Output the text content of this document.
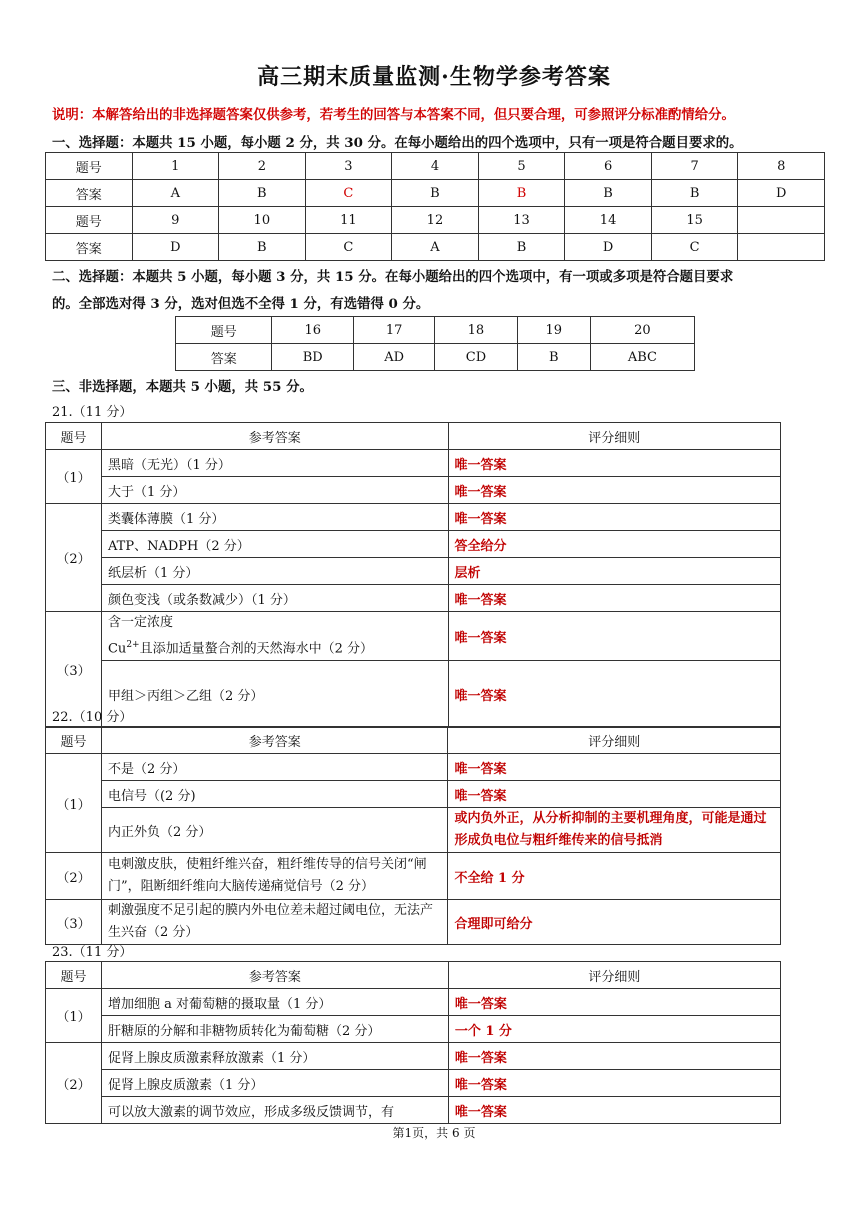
高三期末质量监测·生物学参考答案
说明：本解答给出的非选择题答案仅供参考，若考生的回答与本答案不同，但只要合理，可参照评分标准酌情给分。
一、选择题：本题共 15 小题，每小题 2 分，共 30 分。在每小题给出的四个选项中，只有一项是符合题目要求的。
题号	1	2	3	4	5	6	7	8
答案	A	B	C	B	B	B	B	D
题号	9	10	11	12	13	14	15	
答案	D	B	C	A	B	D	C	
二、选择题：本题共 5 小题，每小题 3 分，共 15 分。在每小题给出的四个选项中，有一项或多项是符合题目要求
的。全部选对得 3 分，选对但选不全得 1 分，有选错得 0 分。
题号	16	17	18	19	20
答案	BD	AD	CD	B	ABC
三、非选择题，本题共 5 小题，共 55 分。
21.（11 分）
题号	参考答案	评分细则
（1）	黑暗（无光）（1 分）	唯一答案
	大于（1 分）	唯一答案
（2）	类囊体薄膜（1 分）	唯一答案
	ATP、NADPH（2 分）	答全给分
	纸层析（1 分）	层析
	颜色变浅（或条数减少）（1 分）	唯一答案
（3）	含一定浓度 $Cu^{2+}$且添加适量螯合剂的天然海水中（2 分）	唯一答案
	甲组＞丙组＞乙组（2 分）	唯一答案
22.（10 分）
题号	参考答案	评分细则
（1）	不是（2 分）	唯一答案
	电信号（(2 分)	唯一答案
	内正外负（2 分）	或内负外正，从分析抑制的主要机理角度，可能是通过形成负电位与粗纤维传来的信号抵消
（2）	电刺激皮肤，使粗纤维兴奋，粗纤维传导的信号关闭“闸门”，阻断细纤维向大脑传递痛觉信号（2 分）	不全给 1 分
（3）	刺激强度不足引起的膜内外电位差未超过阈电位，无法产生兴奋（2 分）	合理即可给分
23.（11 分）
题号	参考答案	评分细则
（1）	增加细胞 a 对葡萄糖的摄取量（1 分）	唯一答案
	肝糖原的分解和非糖物质转化为葡萄糖（2 分）	一个 1 分
（2）	促肾上腺皮质激素释放激素（1 分）	唯一答案
	促肾上腺皮质激素（1 分）	唯一答案
	可以放大激素的调节效应，形成多级反馈调节，有	唯一答案
第1页，共 6 页
